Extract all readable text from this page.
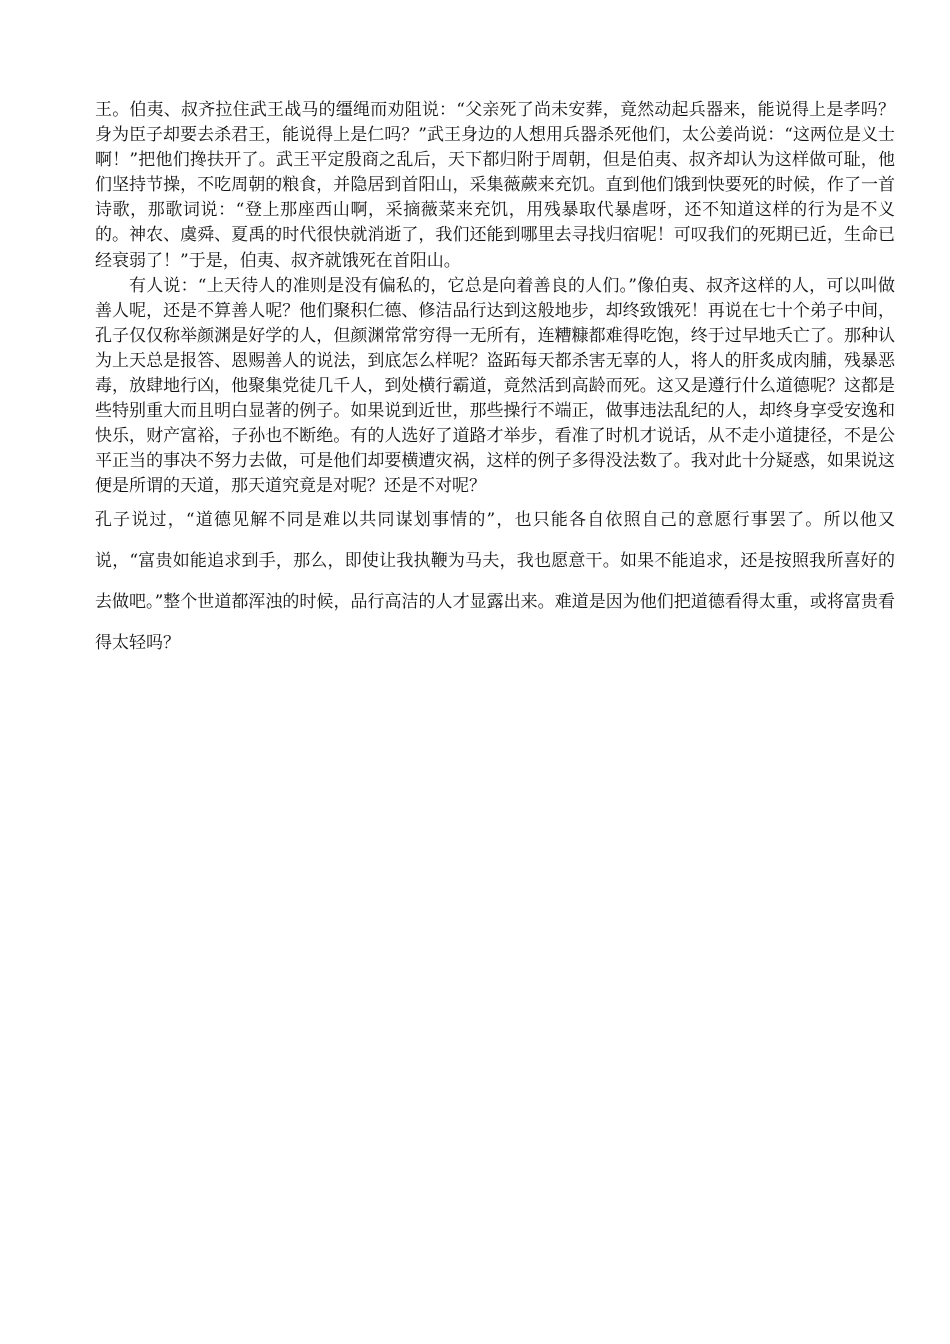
王。伯夷、叔齐拉住武王战马的缰绳而劝阻说：“父亲死了尚未安葬，竟然动起兵器来，能说得上是孝吗？身为臣子却要去杀君王，能说得上是仁吗？”武王身边的人想用兵器杀死他们，太公姜尚说：“这两位是义士啊！”把他们搀扶开了。武王平定殷商之乱后，天下都归附于周朝，但是伯夷、叔齐却认为这样做可耻，他们坚持节操，不吃周朝的粮食，并隐居到首阳山，采集薇蕨来充饥。直到他们饿到快要死的时候，作了一首诗歌，那歌词说：“登上那座西山啊，采摘薇菜来充饥，用残暴取代暴虐呀，还不知道这样的行为是不义的。神农、虞舜、夏禹的时代很快就消逝了，我们还能到哪里去寻找归宿呢！可叹我们的死期已近，生命已经衰弱了！”于是，伯夷、叔齐就饿死在首阳山。

有人说：“上天待人的准则是没有偏私的，它总是向着善良的人们。”像伯夷、叔齐这样的人，可以叫做善人呢，还是不算善人呢？他们聚积仁德、修洁品行达到这般地步，却终致饿死！再说在七十个弟子中间，孔子仅仅称举颜渊是好学的人，但颜渊常常穷得一无所有，连糟糠都难得吃饱，终于过早地夭亡了。那种认为上天总是报答、恩赐善人的说法，到底怎么样呢？盗跖每天都杀害无辜的人，将人的肝炙成肉脯，残暴恶毒，放肆地行凶，他聚集党徒几千人，到处横行霸道，竟然活到高龄而死。这又是遵行什么道德呢？这都是些特别重大而且明白显著的例子。如果说到近世，那些操行不端正，做事违法乱纪的人，却终身享受安逸和快乐，财产富裕，子孙也不断绝。有的人选好了道路才举步，看准了时机才说话，从不走小道捷径，不是公平正当的事决不努力去做，可是他们却要横遭灾祸，这样的例子多得没法数了。我对此十分疑惑，如果说这便是所谓的天道，那天道究竟是对呢？还是不对呢？

孔子说过，“道德见解不同是难以共同谋划事情的”，也只能各自依照自己的意愿行事罢了。所以他又说，“富贵如能追求到手，那么，即使让我执鞭为马夫，我也愿意干。如果不能追求，还是按照我所喜好的去做吧。”整个世道都浑浊的时候，品行高洁的人才显露出来。难道是因为他们把道德看得太重，或将富贵看得太轻吗？
